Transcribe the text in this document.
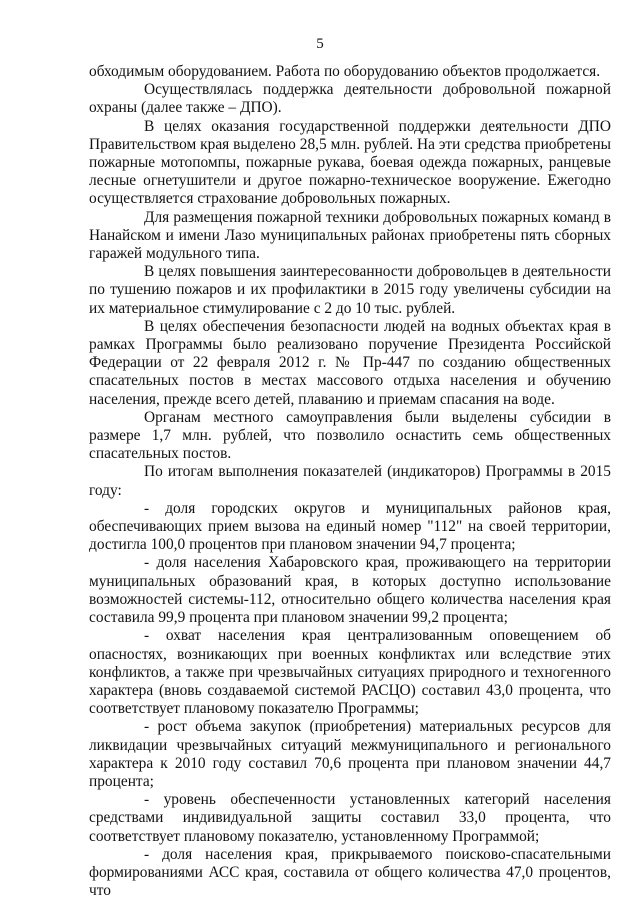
5

обходимым оборудованием. Работа по оборудованию объектов продолжается.

Осуществлялась поддержка деятельности добровольной пожарной охраны (далее также – ДПО).

В целях оказания государственной поддержки деятельности ДПО Правительством края выделено 28,5 млн. рублей. На эти средства приобретены пожарные мотопомпы, пожарные рукава, боевая одежда пожарных, ранцевые лесные огнетушители и другое пожарно-техническое вооружение. Ежегодно осуществляется страхование добровольных пожарных.

Для размещения пожарной техники добровольных пожарных команд в Нанайском и имени Лазо муниципальных районах приобретены пять сборных гаражей модульного типа.

В целях повышения заинтересованности добровольцев в деятельности по тушению пожаров и их профилактики в 2015 году увеличены субсидии на их материальное стимулирование с 2 до 10 тыс. рублей.

В целях обеспечения безопасности людей на водных объектах края в рамках Программы было реализовано поручение Президента Российской Федерации от 22 февраля 2012 г. № Пр-447 по созданию общественных спасательных постов в местах массового отдыха населения и обучению населения, прежде всего детей, плаванию и приемам спасания на воде.

Органам местного самоуправления были выделены субсидии в размере 1,7 млн. рублей, что позволило оснастить семь общественных спасательных постов.

По итогам выполнения показателей (индикаторов) Программы в 2015 году:

- доля городских округов и муниципальных районов края, обеспечивающих прием вызова на единый номер "112" на своей территории, достигла 100,0 процентов при плановом значении 94,7 процента;

- доля населения Хабаровского края, проживающего на территории муниципальных образований края, в которых доступно использование возможностей системы-112, относительно общего количества населения края составила 99,9 процента при плановом значении 99,2 процента;

- охват населения края централизованным оповещением об опасностях, возникающих при военных конфликтах или вследствие этих конфликтов, а также при чрезвычайных ситуациях природного и техногенного характера (вновь создаваемой системой РАСЦО) составил 43,0 процента, что соответствует плановому показателю Программы;

- рост объема закупок (приобретения) материальных ресурсов для ликвидации чрезвычайных ситуаций межмуниципального и регионального характера к 2010 году составил 70,6 процента при плановом значении 44,7 процента;

- уровень обеспеченности установленных категорий населения средствами индивидуальной защиты составил 33,0 процента, что соответствует плановому показателю, установленному Программой;

- доля населения края, прикрываемого поисково-спасательными формированиями АСС края, составила от общего количества 47,0 процентов, что
